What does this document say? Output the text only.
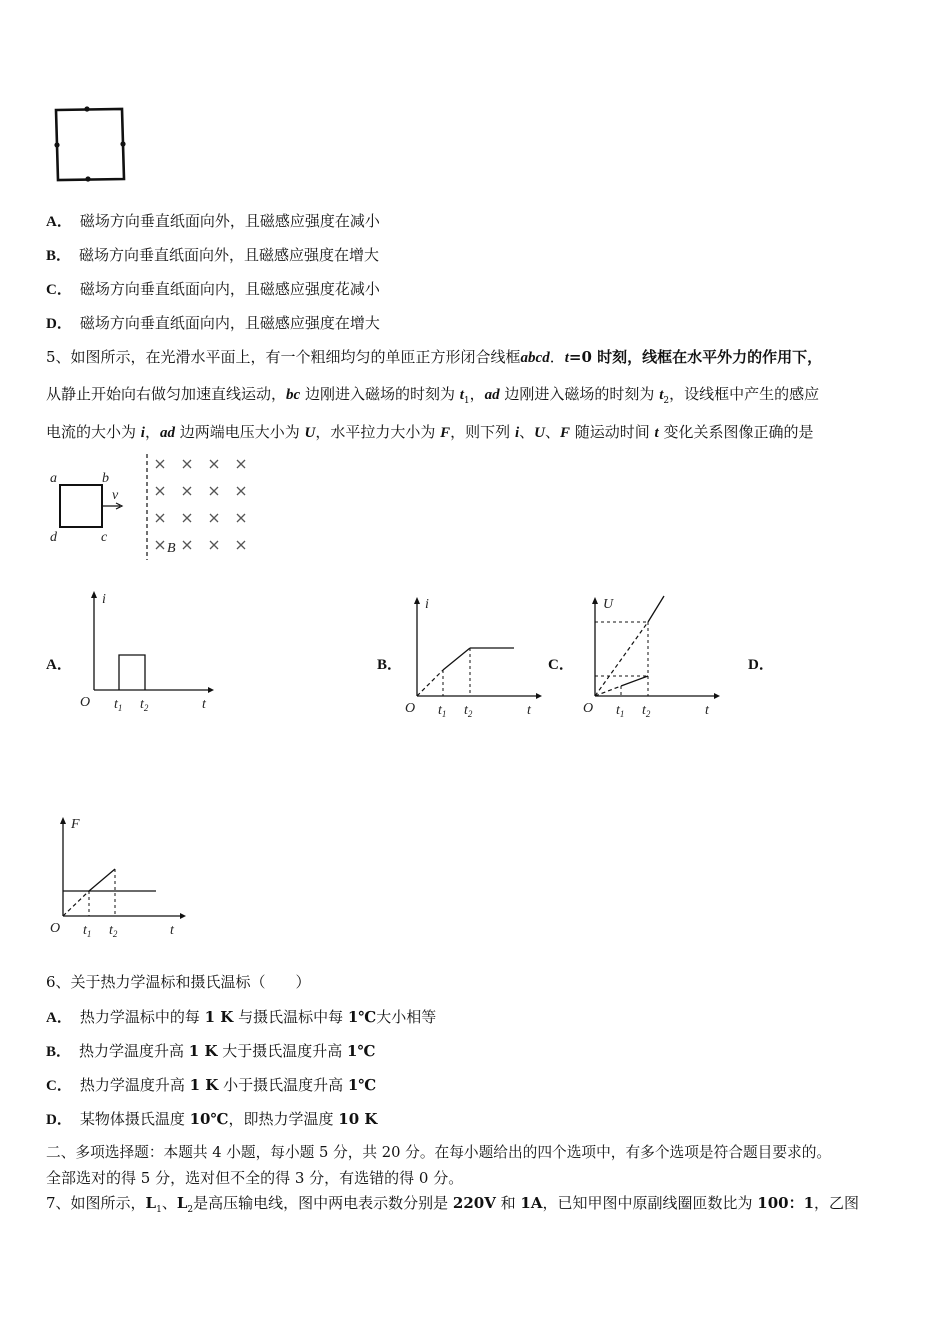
A． 磁场方向垂直纸面向外，且磁感应强度在减小
B． 磁场方向垂直纸面向外，且磁感应强度在增大
C． 磁场方向垂直纸面向内，且磁感应强度花减小
D． 磁场方向垂直纸面向内，且磁感应强度在增大
5、如图所示，在光滑水平面上，有一个粗细均匀的单匝正方形闭合线框abcd．t=0 时刻，线框在水平外力的作用下，
从静止开始向右做匀加速直线运动，bc 边刚进入磁场的时刻为 $t_1$，ad 边刚进入磁场的时刻为 $t_2$，设线框中产生的感应
电流的大小为 i，ad 边两端电压大小为 U，水平拉力大小为 F，则下列 i、U、F 随运动时间 t 变化关系图像正确的是
a	b
d	c
v
B
A．	B．	C．	D．
i
O $t_1$ $t_2$	t
i
O $t_1$ $t_2$	t
U
O $t_1$ $t_2$	t
F
O $t_1$ $t_2$	t
6、关于热力学温标和摄氏温标（　　）
A． 热力学温标中的每 1 K 与摄氏温标中每 1℃大小相等
B． 热力学温度升高 1 K 大于摄氏温度升高 1℃
C． 热力学温度升高 1 K 小于摄氏温度升高 1℃
D． 某物体摄氏温度 10℃，即热力学温度 10 K
二、多项选择题：本题共 4 小题，每小题 5 分，共 20 分。在每小题给出的四个选项中，有多个选项是符合题目要求的。
全部选对的得 5 分，选对但不全的得 3 分，有选错的得 0 分。
7、如图所示，$L_1$、$L_2$是高压输电线，图中两电表示数分别是 220V 和 1A，已知甲图中原副线圈匝数比为 100：1，乙图
